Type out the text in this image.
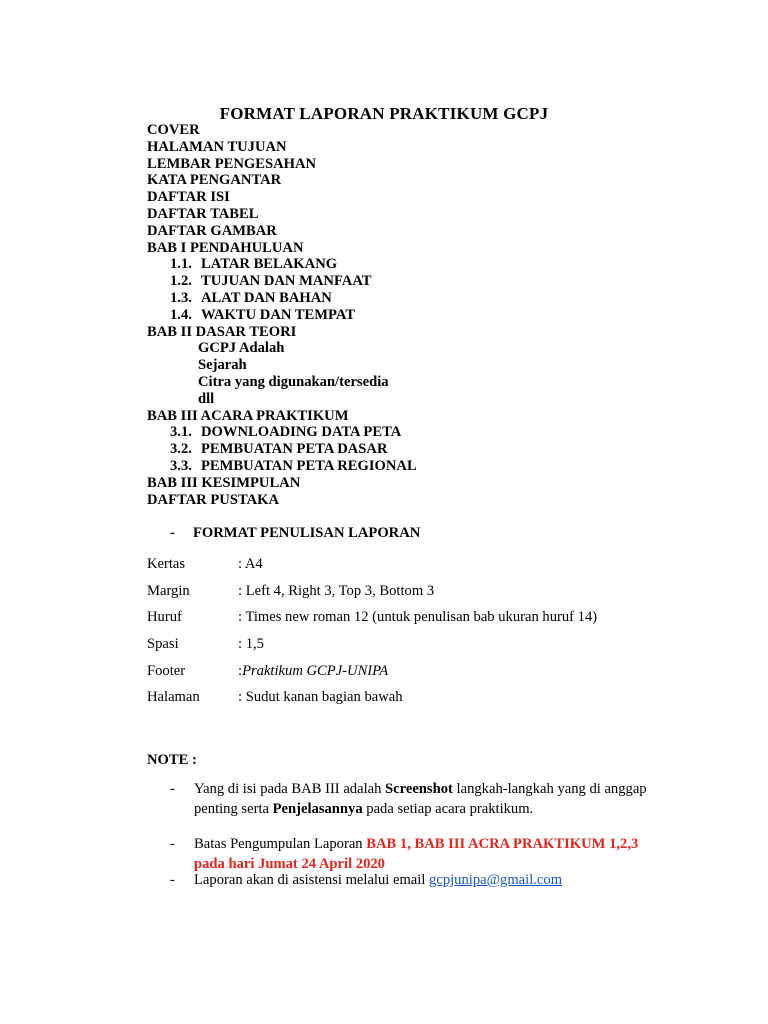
FORMAT LAPORAN PRAKTIKUM GCPJ
COVER
HALAMAN TUJUAN
LEMBAR PENGESAHAN
KATA PENGANTAR
DAFTAR ISI
DAFTAR TABEL
DAFTAR GAMBAR
BAB I PENDAHULUAN
1.1. LATAR BELAKANG
1.2. TUJUAN DAN MANFAAT
1.3. ALAT DAN BAHAN
1.4. WAKTU DAN TEMPAT
BAB II DASAR TEORI
GCPJ Adalah
Sejarah
Citra yang digunakan/tersedia
dll
BAB III ACARA PRAKTIKUM
3.1. DOWNLOADING DATA PETA
3.2. PEMBUATAN PETA DASAR
3.3. PEMBUATAN PETA REGIONAL
BAB III KESIMPULAN
DAFTAR PUSTAKA
- FORMAT PENULISAN LAPORAN
Kertas	: A4
Margin	: Left 4, Right 3, Top 3, Bottom 3
Huruf	: Times new roman 12 (untuk penulisan bab ukuran huruf 14)
Spasi	: 1,5
Footer	:Praktikum GCPJ-UNIPA
Halaman	: Sudut kanan bagian bawah
NOTE :
-	Yang di isi pada BAB III adalah Screenshot langkah-langkah yang di anggap penting serta Penjelasannya pada setiap acara praktikum.
-	Batas Pengumpulan Laporan BAB 1, BAB III ACRA PRAKTIKUM 1,2,3 pada hari Jumat 24 April 2020
-	Laporan akan di asistensi melalui email gcpjunipa@gmail.com
